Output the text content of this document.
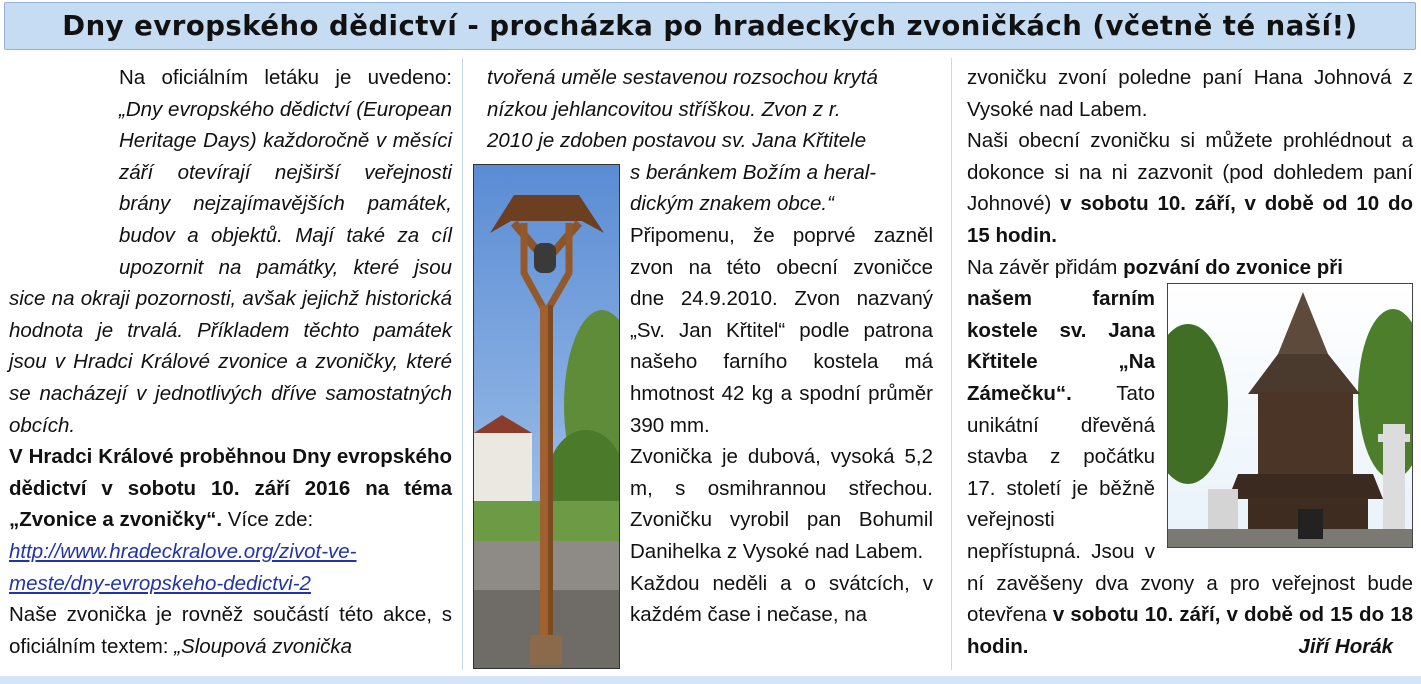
Dny evropského dědictví - procházka po hradeckých zvoničkách (včetně té naší!)

Na oficiálním letáku je uvedeno: „Dny evropského dědictví (European Heritage Days) každoročně v měsíci září otevírají nejširší veřejnosti brány nejzajímavějších památek, budov a objektů. Mají také za cíl upozornit na památky, které jsou sice na okraji pozornosti, avšak jejichž historická hodnota je trvalá. Příkladem těchto památek jsou v Hradci Králové zvonice a zvoničky, které se nacházejí v jednotlivých dříve samostatných obcích.

V Hradci Králové proběhnou Dny evropského dědictví v sobotu 10. září 2016 na téma „Zvonice a zvoničky“. Více zde:

http://www.hradeckralove.org/zivot-ve-meste/dny-evropskeho-dedictvi-2

Naše zvonička je rovněž součástí této akce, s oficiálním textem: „Sloupová zvonička

tvořená uměle sestavenou rozsochou krytá

nízkou jehlancovitou stříškou. Zvon z r.

2010 je zdoben postavou sv. Jana Křtitele

s beránkem Božím a heral-

dickým znakem obce.“

Připomenu, že poprvé zazněl zvon na této obecní zvoničce dne 24.9.2010. Zvon nazvaný „Sv. Jan Křtitel“ podle patrona našeho farního kostela má hmotnost 42 kg a spodní průměr 390 mm.

Zvonička je dubová, vysoká 5,2 m, s osmihrannou střechou. Zvoničku vyrobil pan Bohumil Danihelka z Vysoké nad Labem.

Každou neděli a o svátcích, v každém čase i nečase, na

zvoničku zvoní poledne paní Hana Johnová z Vysoké nad Labem.

Naši obecní zvoničku si můžete prohlédnout a dokonce si na ni zazvonit (pod dohledem paní Johnové) v sobotu 10. září, v době od 10 do 15 hodin.

Na závěr přidám pozvání do zvonice při

našem farním kostele sv. Jana Křtitele „Na Zámečku“. Tato unikátní dřevěná stavba z počátku 17. století je běžně veřejnosti nepřístupná. Jsou v ní zavěšeny dva zvony a pro veřejnost bude otevřena v sobotu 10. září, v době od 15 do 18 hodin.	Jiří Horák
